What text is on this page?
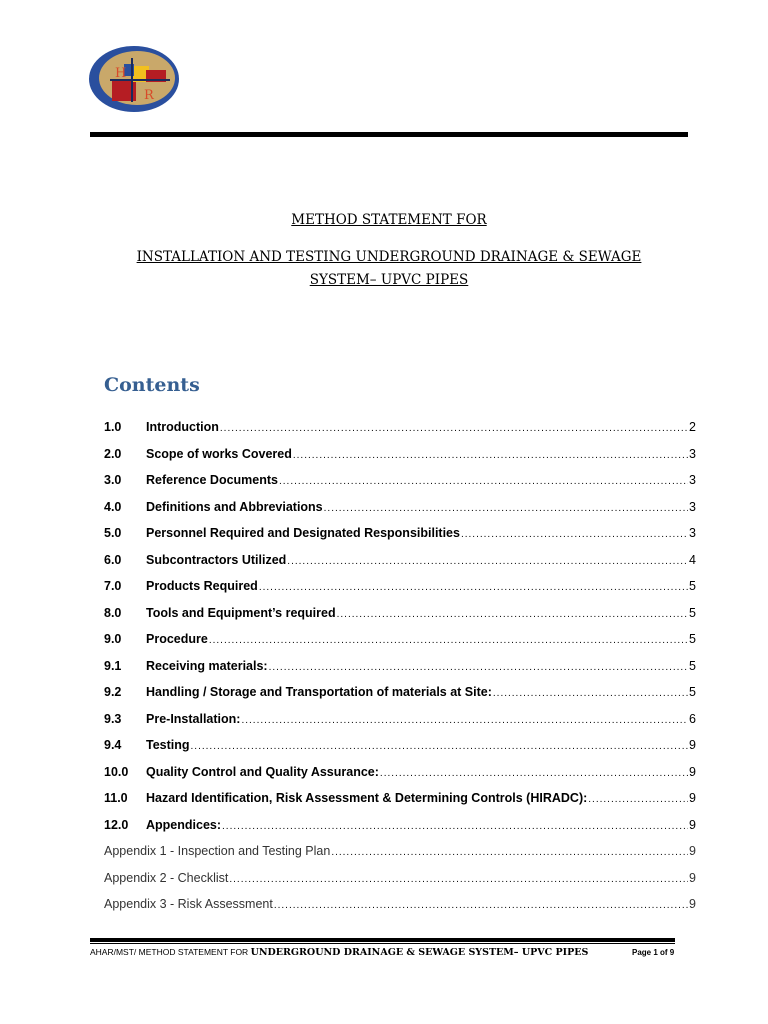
H
R
METHOD STATEMENT FOR
INSTALLATION AND TESTING UNDERGROUND DRAINAGE & SEWAGE
SYSTEM– UPVC PIPES
Contents
1.0	Introduction .....	2
2.0	Scope of works Covered .....	3
3.0	Reference Documents .....	3
4.0	Definitions and Abbreviations .....	3
5.0	Personnel Required and Designated Responsibilities .....	3
6.0	Subcontractors Utilized .....	4
7.0	Products Required .....	5
8.0	Tools and Equipment’s required .....	5
9.0	Procedure .....	5
9.1	Receiving materials: .....	5
9.2	Handling / Storage and Transportation of materials at Site: .....	5
9.3	Pre-Installation: .....	6
9.4	Testing .....	9
10.0	Quality Control and Quality Assurance: .....	9
11.0	Hazard Identification, Risk Assessment & Determining Controls (HIRADC): .....	9
12.0	Appendices: .....	9
Appendix 1 - Inspection and Testing Plan .....	9
Appendix 2 - Checklist .....	9
Appendix 3 - Risk Assessment .....	9
AHAR/MST/ METHOD STATEMENT FOR UNDERGROUND DRAINAGE & SEWAGE SYSTEM– UPVC PIPES	Page 1 of 9
